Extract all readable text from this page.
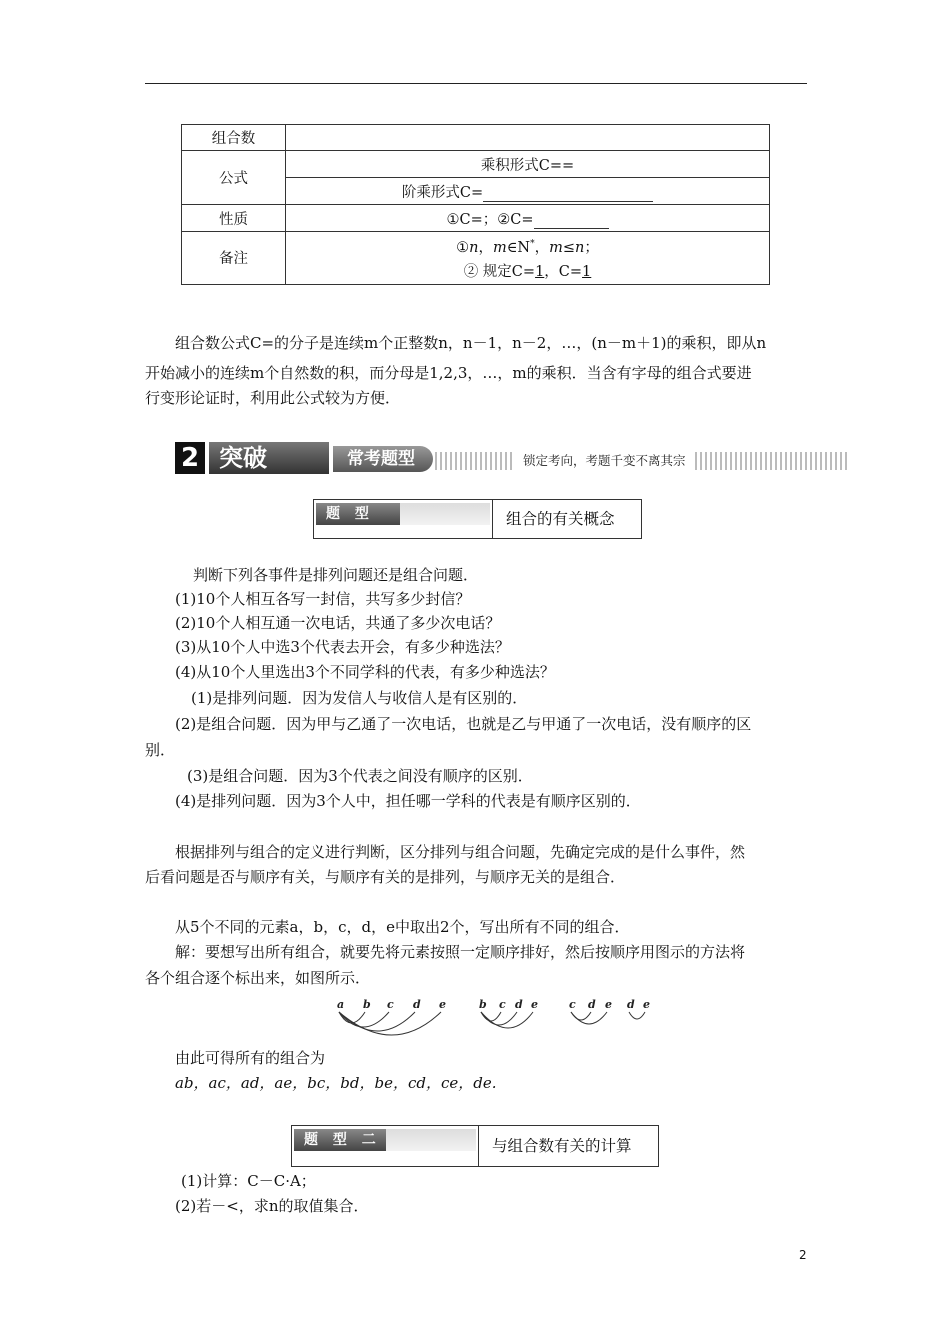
组合数	
公式	乘积形式C==
	阶乘形式C=
性质	①C=；②C=
备注	①n，m∈N*，m≤n；
② 规定C=1，C=1
组合数公式C=的分子是连续m个正整数n，n－1，n－2，…，(n－m＋1)的乘积，即从n
开始减小的连续m个自然数的积，而分母是1,2,3，…，m的乘积．当含有字母的组合式要进
行变形论证时，利用此公式较为方便．
2 突破	常考题型	锁定考向，考题千变不离其宗
题 型 一
组合的有关概念
判断下列各事件是排列问题还是组合问题．
(1)10个人相互各写一封信，共写多少封信？
(2)10个人相互通一次电话，共通了多少次电话？
(3)从10个人中选3个代表去开会，有多少种选法？
(4)从10个人里选出3个不同学科的代表，有多少种选法？
(1)是排列问题．因为发信人与收信人是有区别的．
(2)是组合问题．因为甲与乙通了一次电话，也就是乙与甲通了一次电话，没有顺序的区
别．
(3)是组合问题．因为3个代表之间没有顺序的区别．
(4)是排列问题．因为3个人中，担任哪一学科的代表是有顺序区别的．
根据排列与组合的定义进行判断，区分排列与组合问题，先确定完成的是什么事件，然
后看问题是否与顺序有关，与顺序有关的是排列，与顺序无关的是组合．
从5个不同的元素a，b，c，d，e中取出2个，写出所有不同的组合．
解：要想写出所有组合，就要先将元素按照一定顺序排好，然后按顺序用图示的方法将
各个组合逐个标出来，如图所示．
a b c d e	b c d e	c d e d e
由此可得所有的组合为
ab，ac，ad，ae，bc，bd，be，cd，ce，de.
题 型 二	与组合数有关的计算
(1)计算：C－C·A；
(2)若－<，求n的取值集合．
2
